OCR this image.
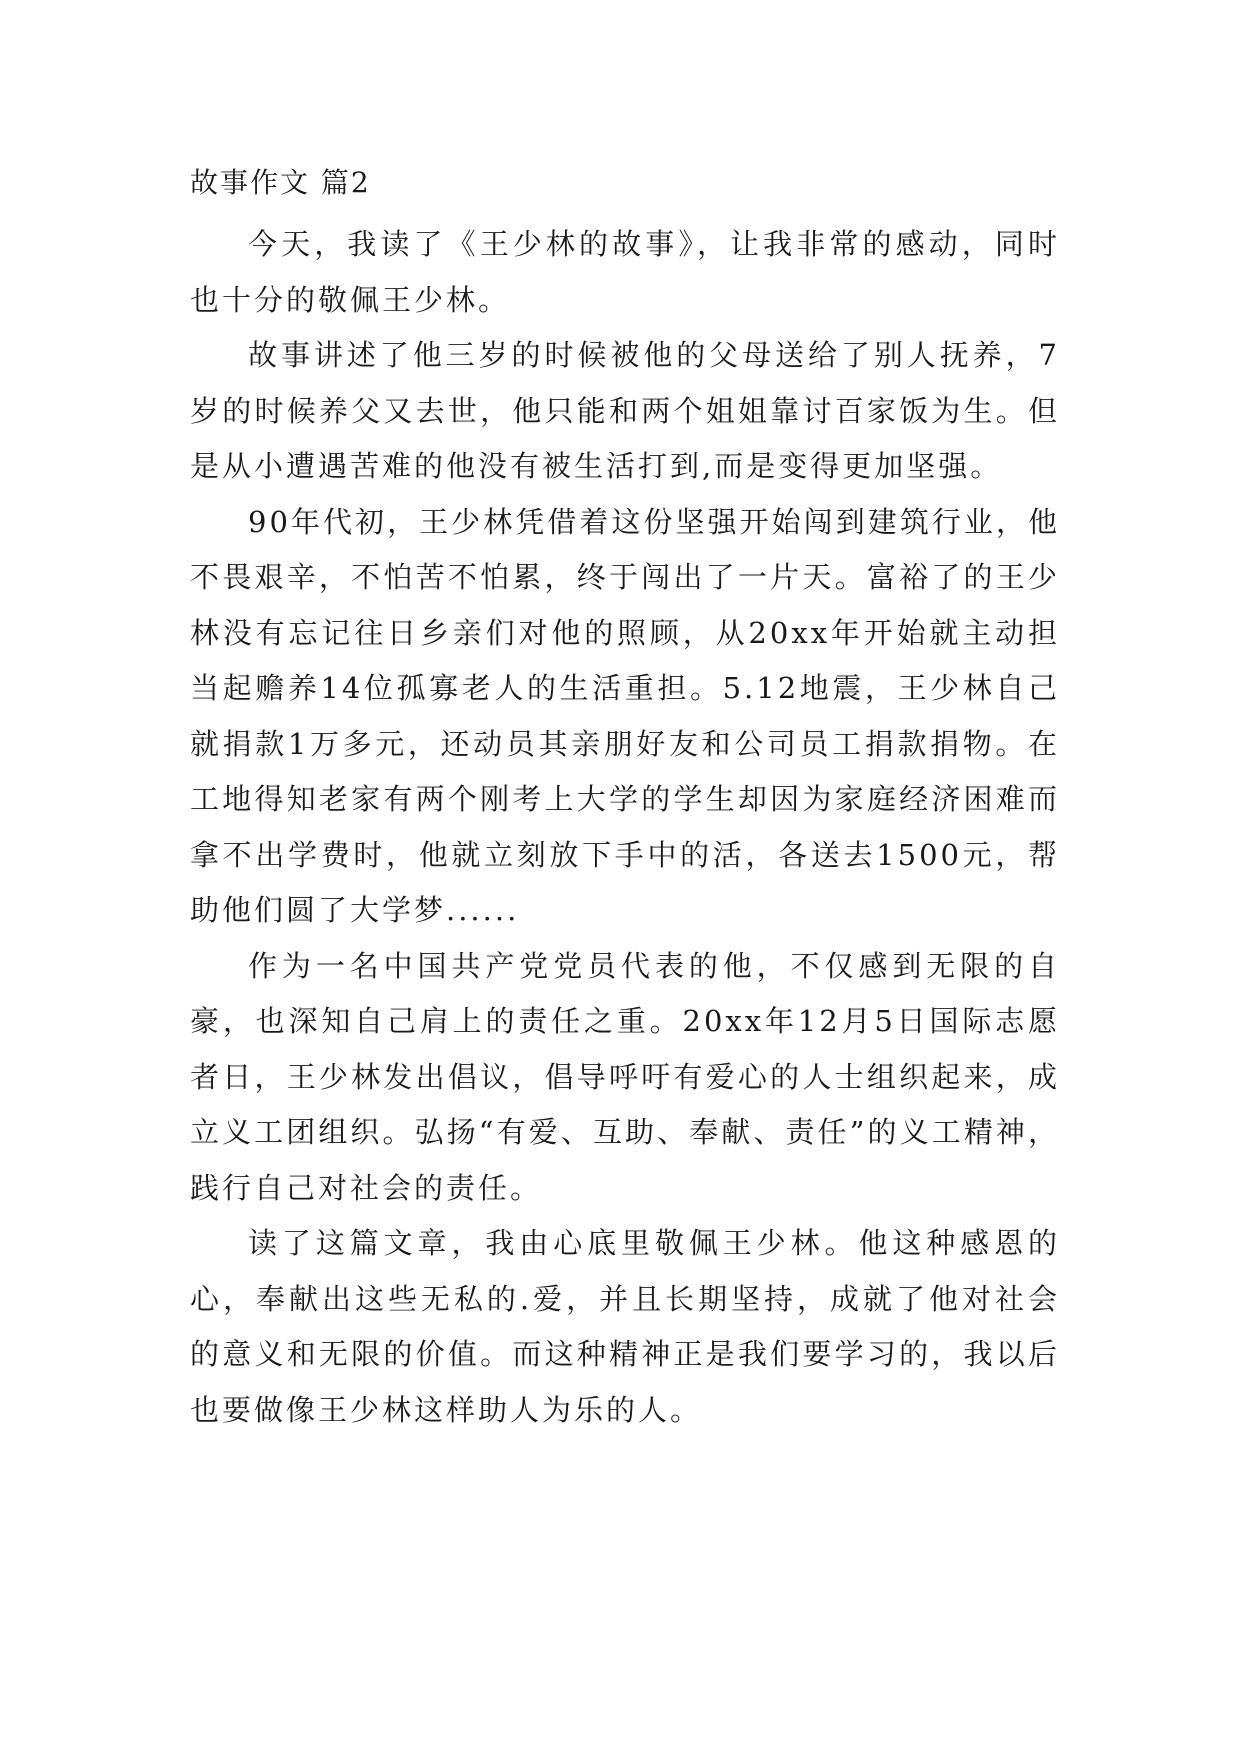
故事作文 篇2

今天，我读了《王少林的故事》，让我非常的感动，同时也十分的敬佩王少林。

故事讲述了他三岁的时候被他的父母送给了别人抚养，7岁的时候养父又去世，他只能和两个姐姐靠讨百家饭为生。但是从小遭遇苦难的他没有被生活打到,而是变得更加坚强。

90年代初，王少林凭借着这份坚强开始闯到建筑行业，他不畏艰辛，不怕苦不怕累，终于闯出了一片天。富裕了的王少林没有忘记往日乡亲们对他的照顾，从20xx年开始就主动担当起赡养14位孤寡老人的生活重担。5.12地震，王少林自己就捐款1万多元，还动员其亲朋好友和公司员工捐款捐物。在工地得知老家有两个刚考上大学的学生却因为家庭经济困难而拿不出学费时，他就立刻放下手中的活，各送去1500元，帮助他们圆了大学梦......

作为一名中国共产党党员代表的他，不仅感到无限的自豪，也深知自己肩上的责任之重。20xx年12月5日国际志愿者日，王少林发出倡议，倡导呼吁有爱心的人士组织起来，成立义工团组织。弘扬“有爱、互助、奉献、责任”的义工精神，践行自己对社会的责任。

读了这篇文章，我由心底里敬佩王少林。他这种感恩的心，奉献出这些无私的.爱，并且长期坚持，成就了他对社会的意义和无限的价值。而这种精神正是我们要学习的，我以后也要做像王少林这样助人为乐的人。
